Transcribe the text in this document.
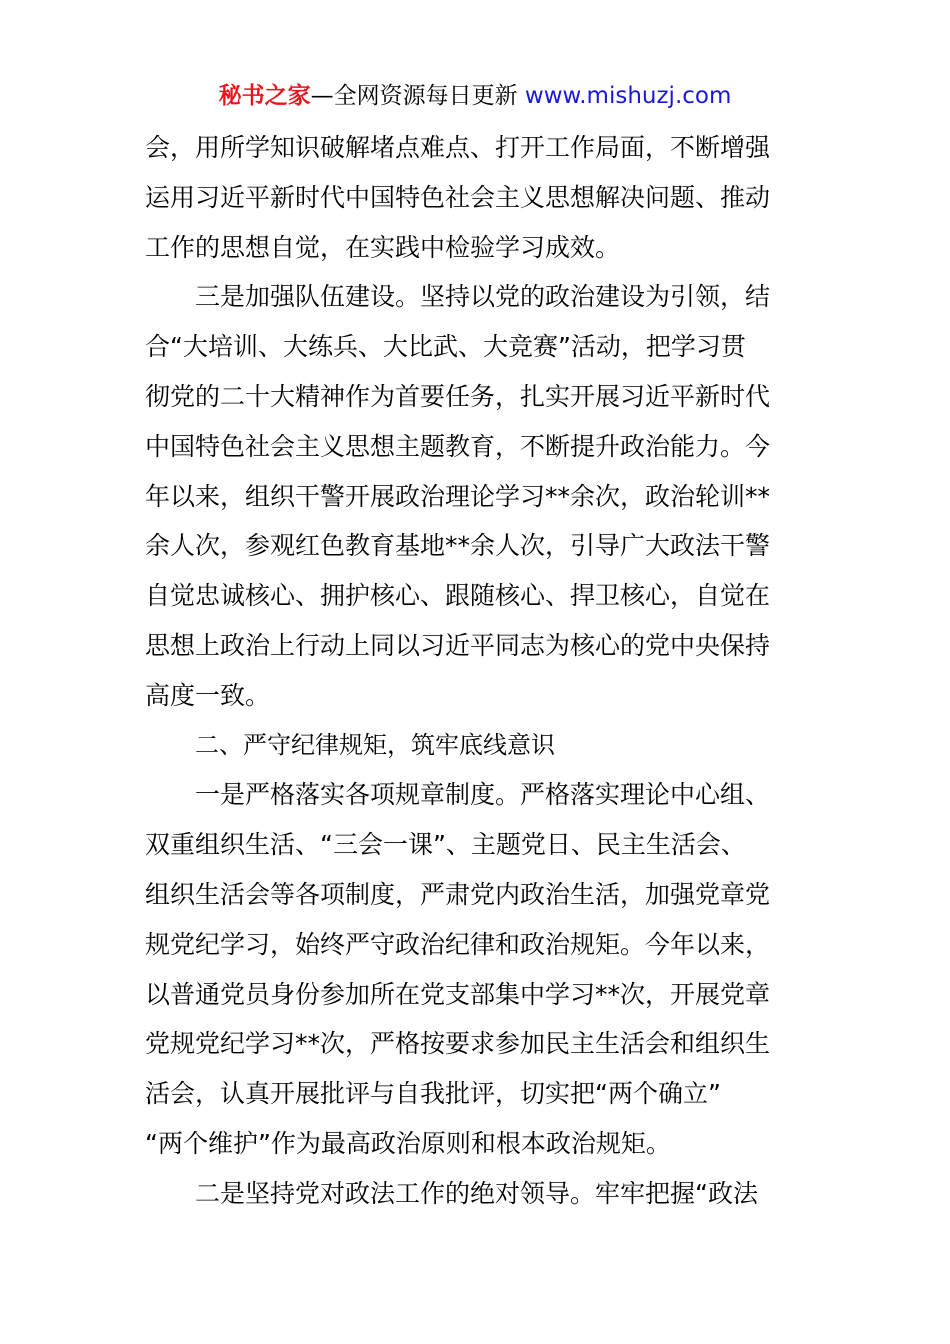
秘书之家—全网资源每日更新 www.mishuzj.com
会，用所学知识破解堵点难点、打开工作局面，不断增强
运用习近平新时代中国特色社会主义思想解决问题、推动
工作的思想自觉，在实践中检验学习成效。
三是加强队伍建设。坚持以党的政治建设为引领，结
合“大培训、大练兵、大比武、大竞赛”活动，把学习贯
彻党的二十大精神作为首要任务，扎实开展习近平新时代
中国特色社会主义思想主题教育，不断提升政治能力。今
年以来，组织干警开展政治理论学习**余次，政治轮训**
余人次，参观红色教育基地**余人次，引导广大政法干警
自觉忠诚核心、拥护核心、跟随核心、捍卫核心，自觉在
思想上政治上行动上同以习近平同志为核心的党中央保持
高度一致。
二、严守纪律规矩，筑牢底线意识
一是严格落实各项规章制度。严格落实理论中心组、
双重组织生活、“三会一课”、主题党日、民主生活会、
组织生活会等各项制度，严肃党内政治生活，加强党章党
规党纪学习，始终严守政治纪律和政治规矩。今年以来，
以普通党员身份参加所在党支部集中学习**次，开展党章
党规党纪学习**次，严格按要求参加民主生活会和组织生
活会，认真开展批评与自我批评，切实把“两个确立”
“两个维护”作为最高政治原则和根本政治规矩。
二是坚持党对政法工作的绝对领导。牢牢把握“政法
